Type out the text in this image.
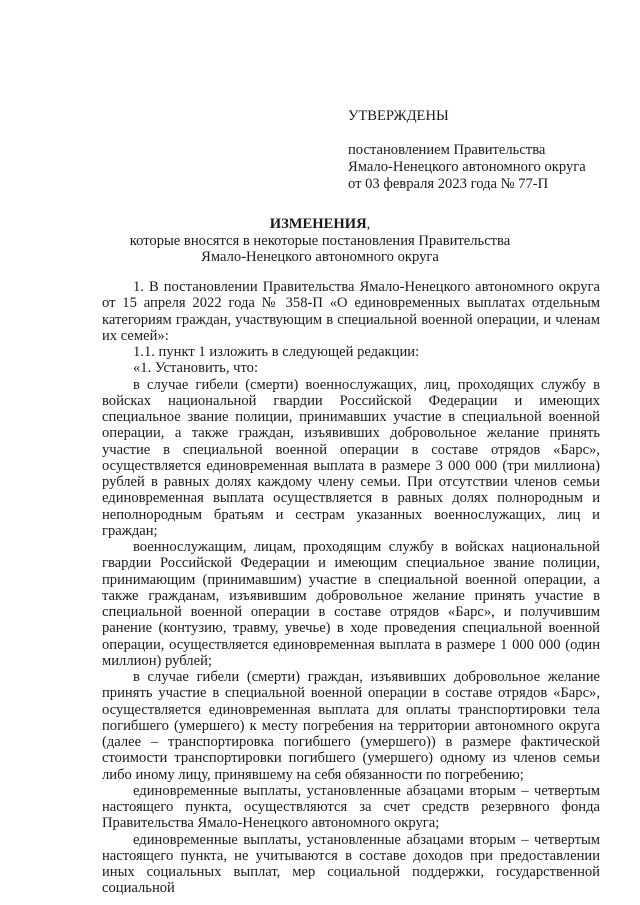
УТВЕРЖДЕНЫ
постановлением Правительства
Ямало-Ненецкого автономного округа
от 03 февраля 2023 года № 77-П
ИЗМЕНЕНИЯ,
которые вносятся в некоторые постановления Правительства
Ямало-Ненецкого автономного округа

1. В постановлении Правительства Ямало-Ненецкого автономного округа от 15 апреля 2022 года № 358-П «О единовременных выплатах отдельным категориям граждан, участвующим в специальной военной операции, и членам их семей»:

1.1. пункт 1 изложить в следующей редакции:

«1. Установить, что:

в случае гибели (смерти) военнослужащих, лиц, проходящих службу в войсках национальной гвардии Российской Федерации и имеющих специальное звание полиции, принимавших участие в специальной военной операции, а также граждан, изъявивших добровольное желание принять участие в специальной военной операции в составе отрядов «Барс», осуществляется единовременная выплата в размере 3 000 000 (три миллиона) рублей в равных долях каждому члену семьи. При отсутствии членов семьи единовременная выплата осуществляется в равных долях полнородным и неполнородным братьям и сестрам указанных военнослужащих, лиц и граждан;

военнослужащим, лицам, проходящим службу в войсках национальной гвардии Российской Федерации и имеющим специальное звание полиции, принимающим (принимавшим) участие в специальной военной операции, а также гражданам, изъявившим добровольное желание принять участие в специальной военной операции в составе отрядов «Барс», и получившим ранение (контузию, травму, увечье) в ходе проведения специальной военной операции, осуществляется единовременная выплата в размере 1 000 000 (один миллион) рублей;

в случае гибели (смерти) граждан, изъявивших добровольное желание принять участие в специальной военной операции в составе отрядов «Барс», осуществляется единовременная выплата для оплаты транспортировки тела погибшего (умершего) к месту погребения на территории автономного округа (далее – транспортировка погибшего (умершего)) в размере фактической стоимости транспортировки погибшего (умершего) одному из членов семьи либо иному лицу, принявшему на себя обязанности по погребению;

единовременные выплаты, установленные абзацами вторым – четвертым настоящего пункта, осуществляются за счет средств резервного фонда Правительства Ямало-Ненецкого автономного округа;

единовременные выплаты, установленные абзацами вторым – четвертым настоящего пункта, не учитываются в составе доходов при предоставлении иных социальных выплат, мер социальной поддержки, государственной социальной
